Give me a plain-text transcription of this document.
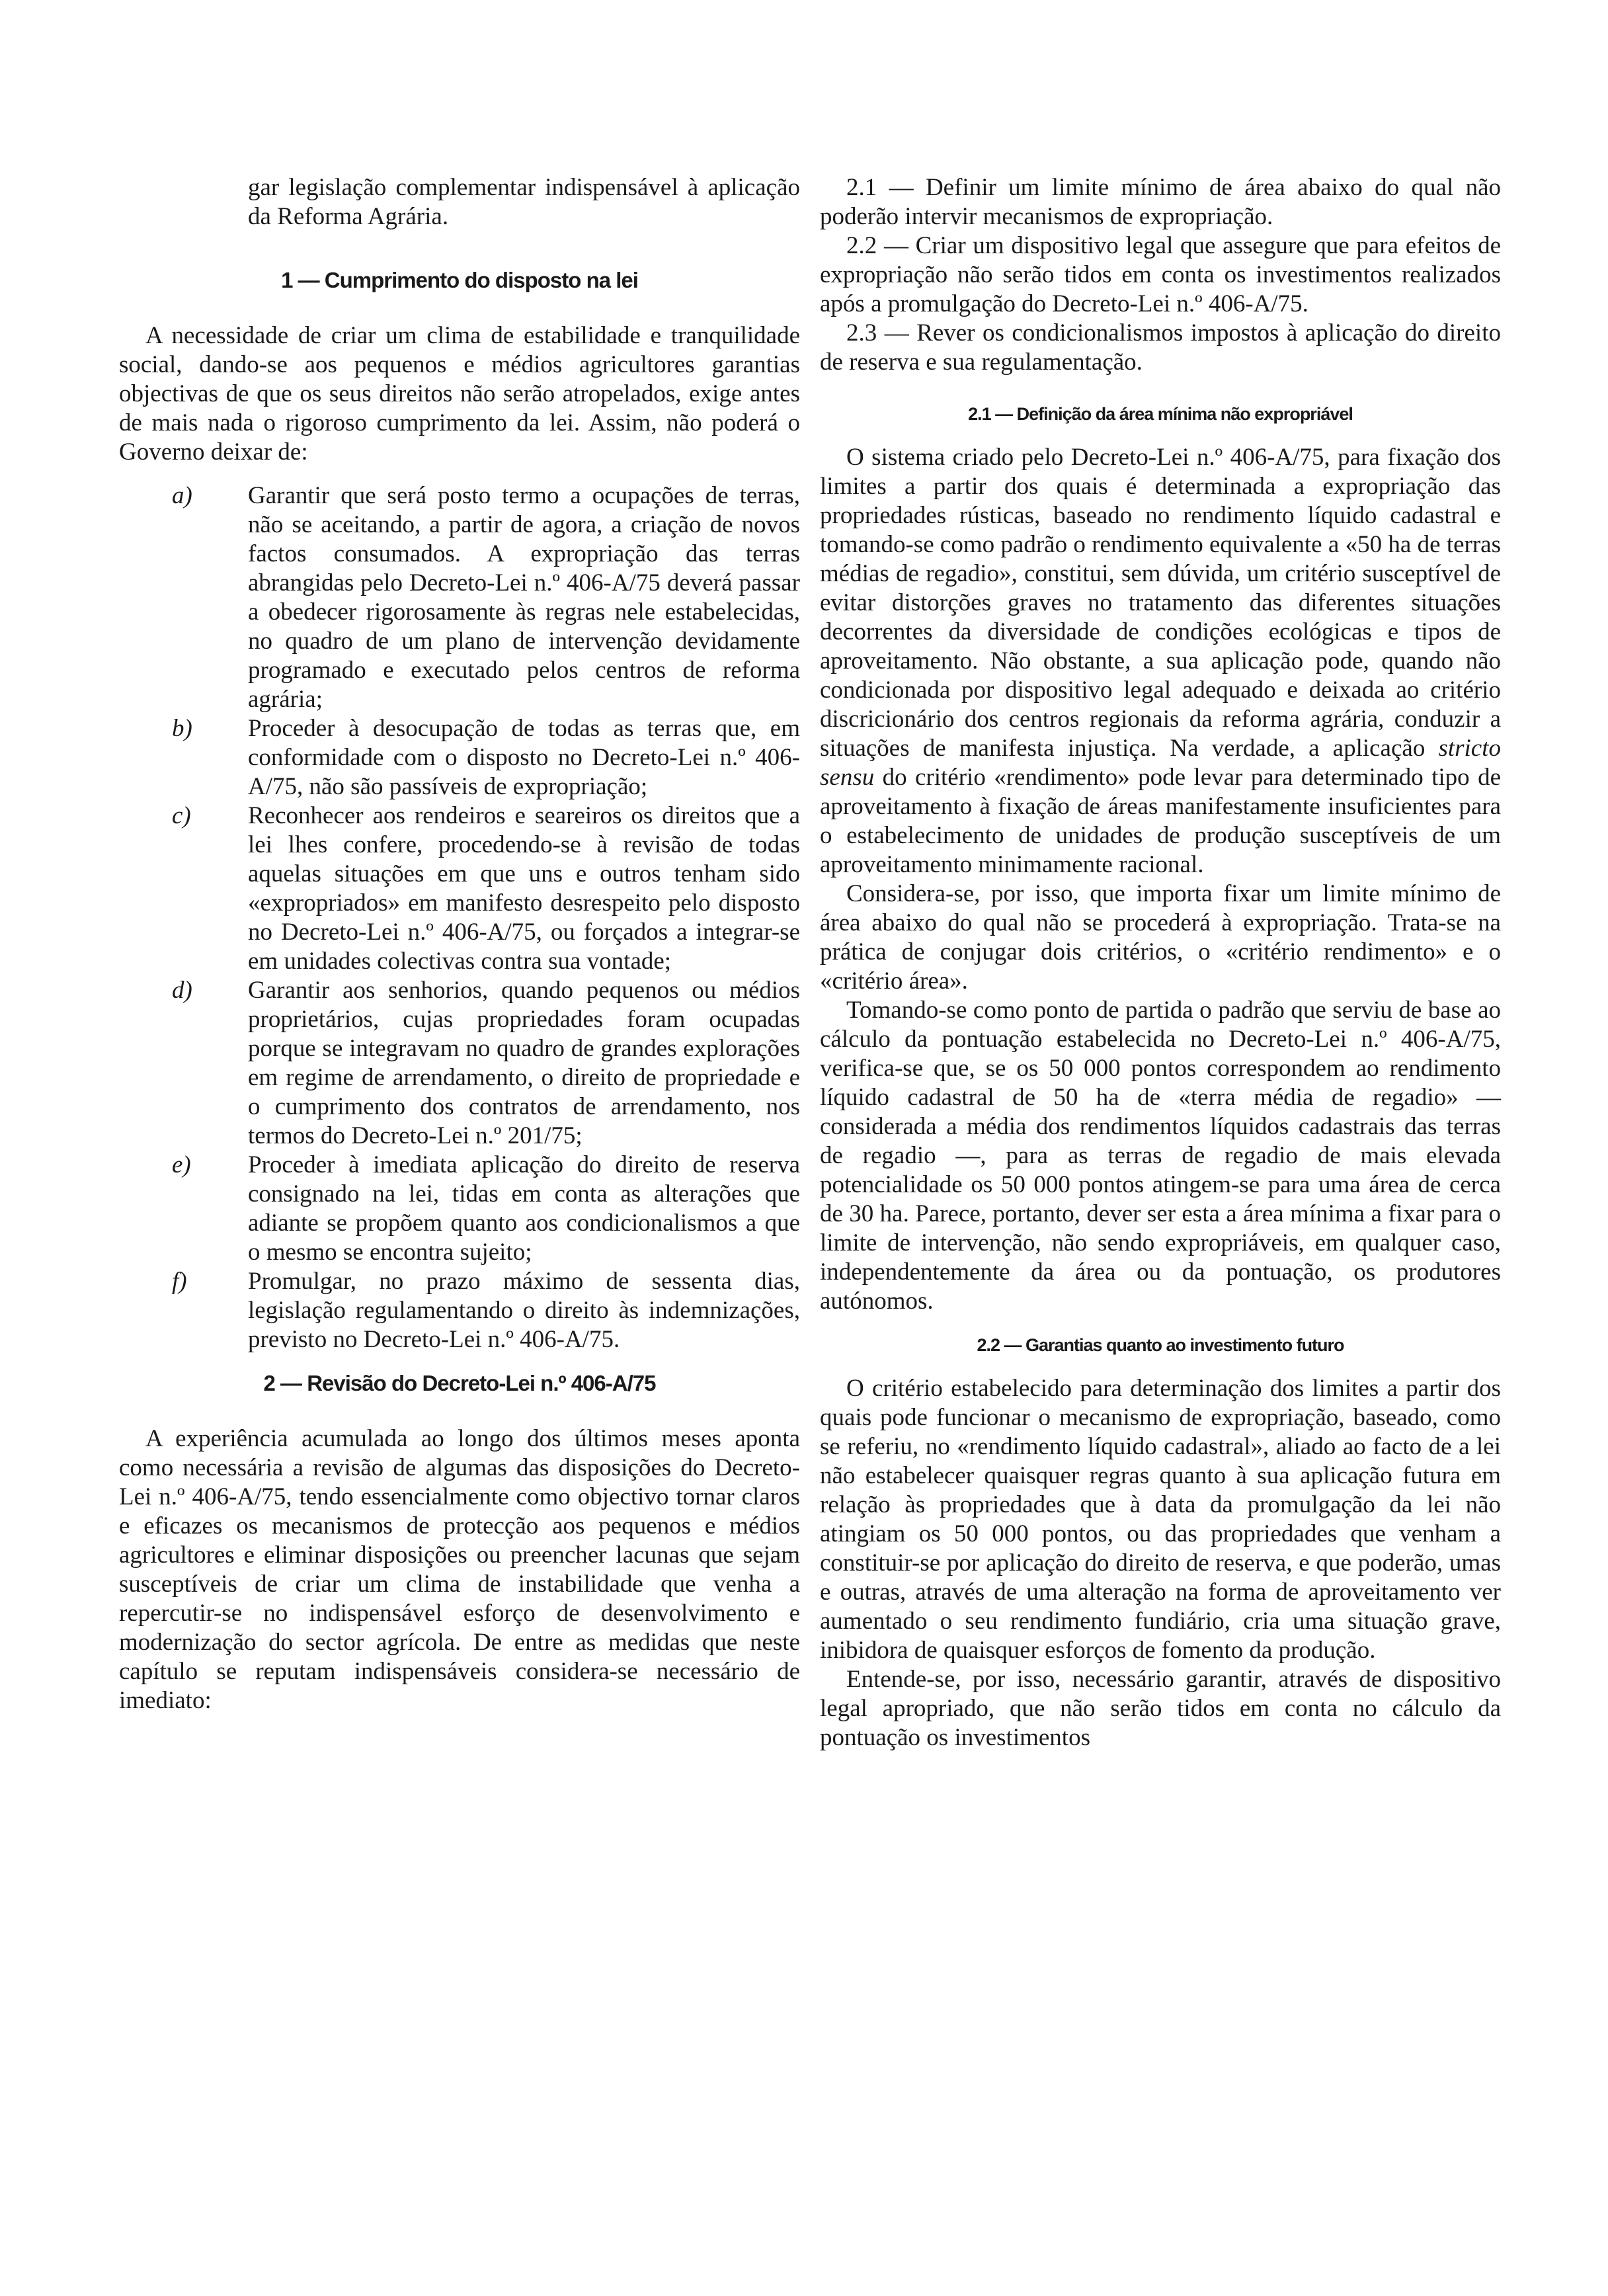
gar legislação complementar indispensável à aplicação da Reforma Agrária.

1 — Cumprimento do disposto na lei

A necessidade de criar um clima de estabilidade e tranquilidade social, dando-se aos pequenos e médios agricultores garantias objectivas de que os seus direitos não serão atropelados, exige antes de mais nada o rigoroso cumprimento da lei. Assim, não poderá o Governo deixar de:

a) Garantir que será posto termo a ocupações de terras, não se aceitando, a partir de agora, a criação de novos factos consumados. A expropriação das terras abrangidas pelo Decreto-Lei n.º 406-A/75 deverá passar a obedecer rigorosamente às regras nele estabelecidas, no quadro de um plano de intervenção devidamente programado e executado pelos centros de reforma agrária;

b) Proceder à desocupação de todas as terras que, em conformidade com o disposto no Decreto-Lei n.º 406-A/75, não são passíveis de expropriação;

c) Reconhecer aos rendeiros e seareiros os direitos que a lei lhes confere, procedendo-se à revisão de todas aquelas situações em que uns e outros tenham sido «expropriados» em manifesto desrespeito pelo disposto no Decreto-Lei n.º 406-A/75, ou forçados a integrar-se em unidades colectivas contra sua vontade;

d) Garantir aos senhorios, quando pequenos ou médios proprietários, cujas propriedades foram ocupadas porque se integravam no quadro de grandes explorações em regime de arrendamento, o direito de propriedade e o cumprimento dos contratos de arrendamento, nos termos do Decreto-Lei n.º 201/75;

e) Proceder à imediata aplicação do direito de reserva consignado na lei, tidas em conta as alterações que adiante se propõem quanto aos condicionalismos a que o mesmo se encontra sujeito;

f) Promulgar, no prazo máximo de sessenta dias, legislação regulamentando o direito às indemnizações, previsto no Decreto-Lei n.º 406-A/75.

2 — Revisão do Decreto-Lei n.º 406-A/75

A experiência acumulada ao longo dos últimos meses aponta como necessária a revisão de algumas das disposições do Decreto-Lei n.º 406-A/75, tendo essencialmente como objectivo tornar claros e eficazes os mecanismos de protecção aos pequenos e médios agricultores e eliminar disposições ou preencher lacunas que sejam susceptíveis de criar um clima de instabilidade que venha a repercutir-se no indispensável esforço de desenvolvimento e modernização do sector agrícola. De entre as medidas que neste capítulo se reputam indispensáveis considera-se necessário de imediato:

2.1 — Definir um limite mínimo de área abaixo do qual não poderão intervir mecanismos de expropriação.

2.2 — Criar um dispositivo legal que assegure que para efeitos de expropriação não serão tidos em conta os investimentos realizados após a promulgação do Decreto-Lei n.º 406-A/75.

2.3 — Rever os condicionalismos impostos à aplicação do direito de reserva e sua regulamentação.

2.1 — Definição da área mínima não expropriável

O sistema criado pelo Decreto-Lei n.º 406-A/75, para fixação dos limites a partir dos quais é determinada a expropriação das propriedades rústicas, baseado no rendimento líquido cadastral e tomando-se como padrão o rendimento equivalente a «50 ha de terras médias de regadio», constitui, sem dúvida, um critério susceptível de evitar distorções graves no tratamento das diferentes situações decorrentes da diversidade de condições ecológicas e tipos de aproveitamento. Não obstante, a sua aplicação pode, quando não condicionada por dispositivo legal adequado e deixada ao critério discricionário dos centros regionais da reforma agrária, conduzir a situações de manifesta injustiça. Na verdade, a aplicação stricto sensu do critério «rendimento» pode levar para determinado tipo de aproveitamento à fixação de áreas manifestamente insuficientes para o estabelecimento de unidades de produção susceptíveis de um aproveitamento minimamente racional.

Considera-se, por isso, que importa fixar um limite mínimo de área abaixo do qual não se procederá à expropriação. Trata-se na prática de conjugar dois critérios, o «critério rendimento» e o «critério área».

Tomando-se como ponto de partida o padrão que serviu de base ao cálculo da pontuação estabelecida no Decreto-Lei n.º 406-A/75, verifica-se que, se os 50 000 pontos correspondem ao rendimento líquido cadastral de 50 ha de «terra média de regadio» — considerada a média dos rendimentos líquidos cadastrais das terras de regadio —, para as terras de regadio de mais elevada potencialidade os 50 000 pontos atingem-se para uma área de cerca de 30 ha. Parece, portanto, dever ser esta a área mínima a fixar para o limite de intervenção, não sendo expropriáveis, em qualquer caso, independentemente da área ou da pontuação, os produtores autónomos.

2.2 — Garantias quanto ao investimento futuro

O critério estabelecido para determinação dos limites a partir dos quais pode funcionar o mecanismo de expropriação, baseado, como se referiu, no «rendimento líquido cadastral», aliado ao facto de a lei não estabelecer quaisquer regras quanto à sua aplicação futura em relação às propriedades que à data da promulgação da lei não atingiam os 50 000 pontos, ou das propriedades que venham a constituir-se por aplicação do direito de reserva, e que poderão, umas e outras, através de uma alteração na forma de aproveitamento ver aumentado o seu rendimento fundiário, cria uma situação grave, inibidora de quaisquer esforços de fomento da produção.

Entende-se, por isso, necessário garantir, através de dispositivo legal apropriado, que não serão tidos em conta no cálculo da pontuação os investimentos
